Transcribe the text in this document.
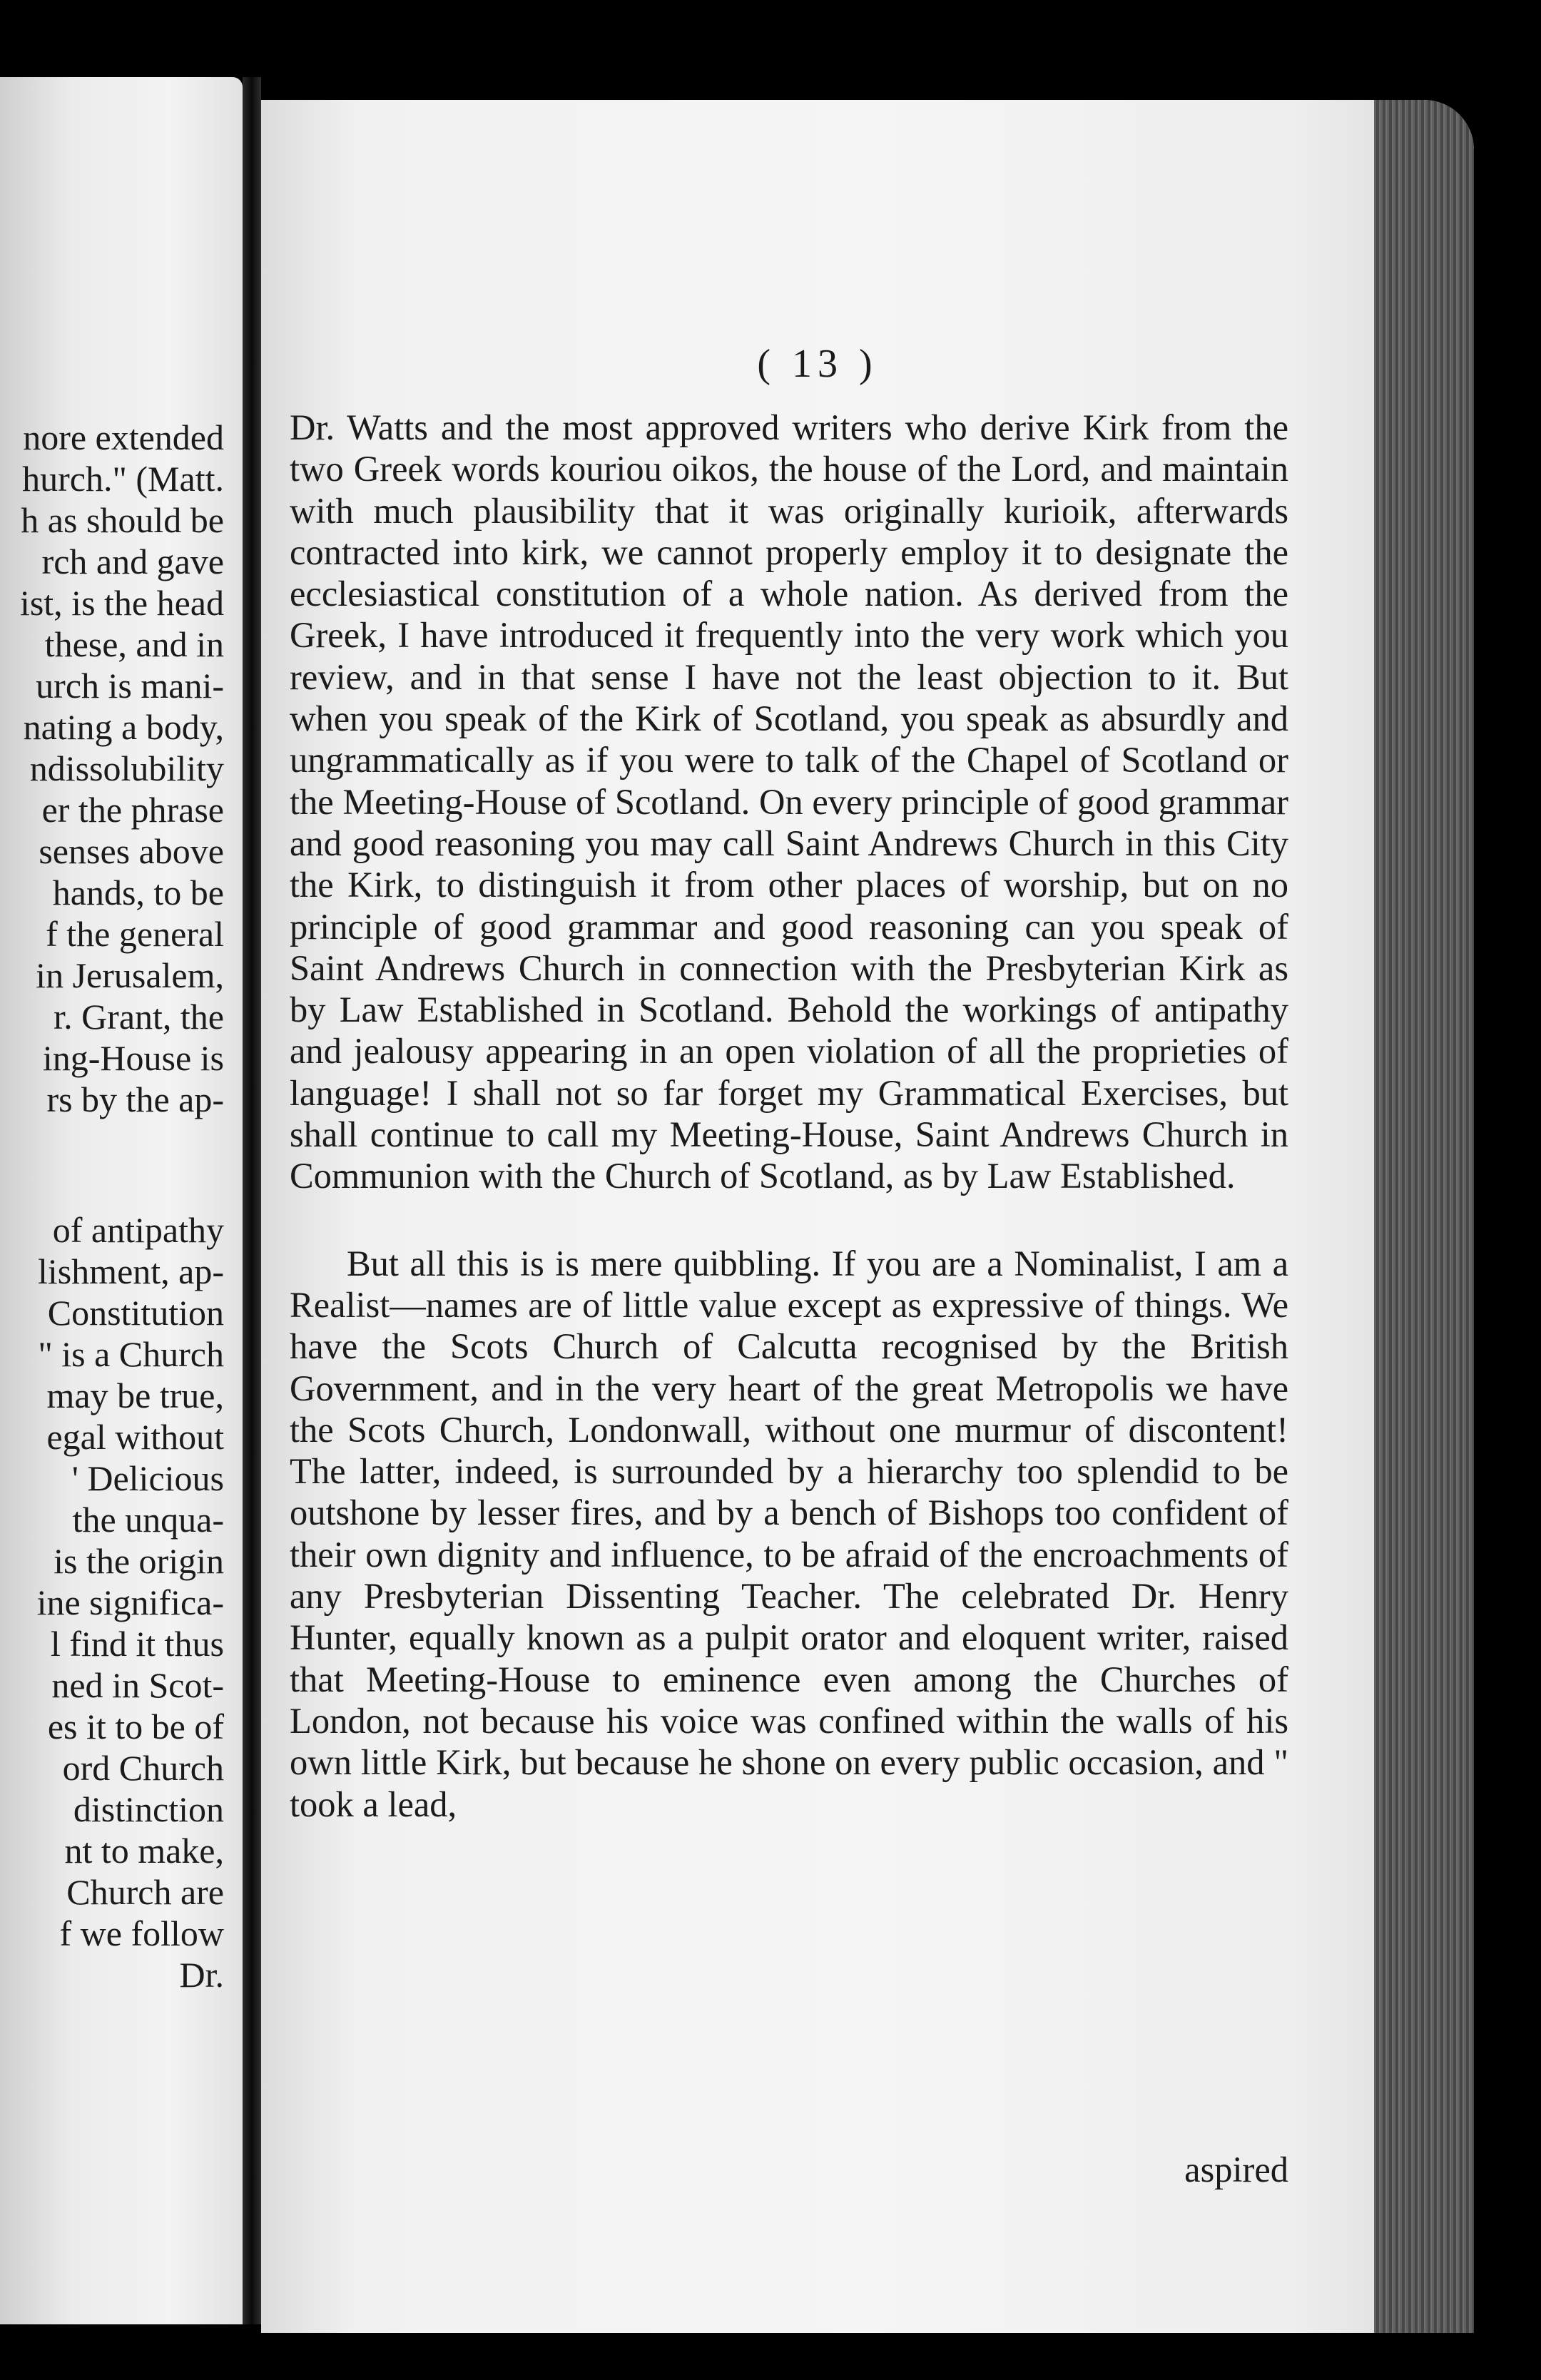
nore extended
hurch." (Matt.
h as should be
rch and gave
ist, is the head
these, and in
urch is mani-
nating a body,
ndissolubility
er the phrase
senses above
hands, to be
f the general
in Jerusalem,
r. Grant, the
ing-House is
rs by the ap-
of antipathy
lishment, ap-
Constitution
" is a Church
may be true,
egal without
' Delicious
the unqua-
is the origin
ine significa-
l find it thus
ned in Scot-
es it to be of
ord Church
distinction
nt to make,
Church are
f we follow
Dr.
( 13 )

Dr. Watts and the most approved writers who derive Kirk from the two Greek words kouriou oikos, the house of the Lord, and maintain with much plausibility that it was originally kurioik, afterwards contracted into kirk, we cannot properly employ it to designate the ecclesiastical constitution of a whole nation. As derived from the Greek, I have introduced it frequently into the very work which you review, and in that sense I have not the least objection to it. But when you speak of the Kirk of Scotland, you speak as absurdly and ungrammatically as if you were to talk of the Chapel of Scotland or the Meeting-House of Scotland. On every principle of good grammar and good reasoning you may call Saint Andrews Church in this City the Kirk, to distinguish it from other places of worship, but on no principle of good grammar and good reasoning can you speak of Saint Andrews Church in connection with the Presbyterian Kirk as by Law Established in Scotland. Behold the workings of antipathy and jealousy appearing in an open violation of all the proprieties of language! I shall not so far forget my Grammatical Exercises, but shall continue to call my Meeting-House, Saint Andrews Church in Communion with the Church of Scotland, as by Law Established.

But all this is is mere quibbling. If you are a Nominalist, I am a Realist—names are of little value except as expressive of things. We have the Scots Church of Calcutta recognised by the British Government, and in the very heart of the great Metropolis we have the Scots Church, Londonwall, without one murmur of discontent! The latter, indeed, is surrounded by a hierarchy too splendid to be outshone by lesser fires, and by a bench of Bishops too confident of their own dignity and influence, to be afraid of the encroachments of any Presbyterian Dissenting Teacher. The celebrated Dr. Henry Hunter, equally known as a pulpit orator and eloquent writer, raised that Meeting-House to eminence even among the Churches of London, not because his voice was confined within the walls of his own little Kirk, but because he shone on every public occasion, and " took a lead,

aspired
